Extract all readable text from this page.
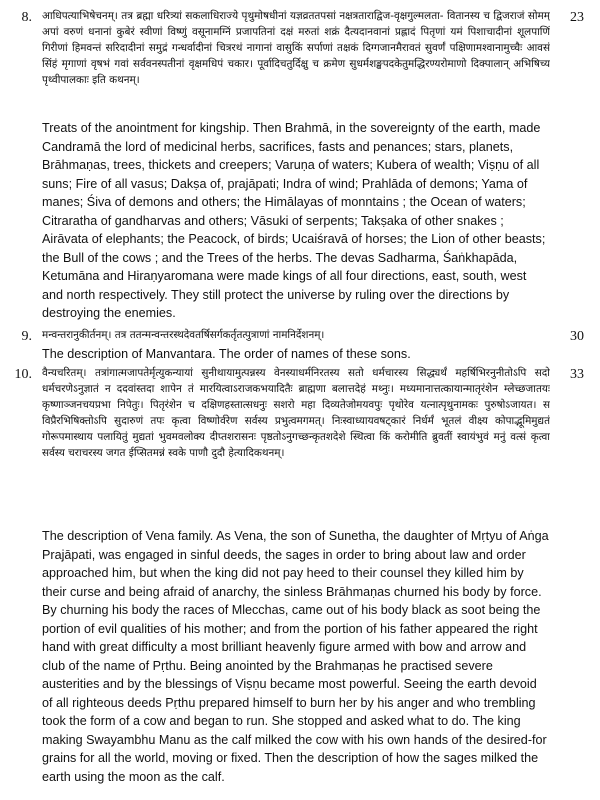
8.	23

आधिपत्याभिषेचनम्‌। तत्र ब्रह्मा धरित्र्यां सकलाधिराज्ये पृथुमोषधीनां यज्ञव्रततपसां नक्षत्रताराद्विज-वृक्षगुल्मलता- वितानस्य च द्विजराजं सोमम्‌ अपां वरुणं धनानां कुबेरं स्वीणां विष्णुं वसूनामग्निं प्रजापतिनां दक्षं मरुतां शक्रं दैत्यदानवानां प्रह्लादं पितृणां यमं पिशाचादीनां शूलपाणिं गिरीणां हिमवन्तं सरिदादीनां समुद्रं गन्धर्वादीनां चित्ररथं नागानां वासुकिं सर्पाणां तक्षकं दिग्गजानमैरावतं सुवर्णं पक्षिणामश्वानामुच्चैः आवसं सिंहं मृगाणां वृषभं गवां सर्ववनस्पतीनां वृक्षमधिपं चकार। पूर्वादिचतुर्दिक्षु च क्रमेण सुधर्मशङ्खपदकेतुमद्धिरण्यरोमाणो दिक्पालान्‌ अभिषिच्य पृथ्वीपालकाः इति कथनम्‌।

Treats of the anointment for kingship. Then Brahmā, in the sovereignty of the earth, made Candramā the lord of medicinal herbs, sacrifices, fasts and penances; stars, planets, Brāhmaṇas, trees, thickets and creepers; Varuṇa of waters; Kubera of wealth; Viṣṇu of all suns; Fire of all vasus; Dakṣa of, prajāpati; Indra of wind; Prahlāda of demons; Yama of manes; Śiva of demons and others; the Himālayas of monntains ; the Ocean of waters; Citraratha of gandharvas and others; Vāsuki of serpents; Takṣaka of other snakes ; Airāvata of elephants; the Peacock, of birds; Ucaiśravā of horses; the Lion of other beasts; the Bull of the cows ; and the Trees of the herbs. The devas Sadharma, Śaṅkhapāda, Ketumāna and Hiraṇyaromana were made kings of all four directions, east, south, west and north respectively. They still protect the universe by ruling over the directions by destroying the enemies.

9.	30

मन्वन्तरानुकीर्तनम्‌। तत्र ततन्मन्वन्तरस्थदेवतर्षिसर्गकर्तृतत्पुत्राणां नामनिर्देशनम्‌।

The description of Manvantara. The order of names of these sons.

10.	33

वैन्यचरितम्‌। तत्रांगात्मजापतेर्मृत्युकन्यायां सुनीथायामुत्पन्नस्य वेनस्याधर्मनिरतस्य सतो धर्मचारस्य सिद्ध्यर्थं महर्षिभिरनुनीतोऽपि सदो धर्मचरणेऽनुज्ञातं न ददवांस्तदा शापेन तं मारयित्वाऽराजकभयादितैः ब्राह्मणा बलात्तदेहं मथ्नुः। मध्यमानात्तत्कायान्मातृरंशेन म्लेच्छजातयः कृष्णाञ्जनचयप्रभा निपेतुः। पितृरंशेन च दक्षिणहस्तात्सधनुः सशरो महा दिव्यतेजोमयवपुः पृथोरेव यत्नात्पृथुनामकः पुरुषोऽजायत। स विप्रैरभिषिक्तोऽपि सुदारुणं तपः कृत्वा विष्णोर्वरेण सर्वस्य प्रभुत्वमगमत्‌। निःस्वाध्यायवषट्कारं निर्धर्मं भूतलं वीक्ष्य कोपाद्भूमिमुद्यतं गोरूपमास्थाय पलायितुं मुद्यतां भुवमवलोक्य दीप्तशरासनः पृष्ठतोऽनुगच्छन्कृतशदेशे स्थित्वा किं करोमीति ब्रुवतीं स्वायंभुवं मनुं वत्सं कृत्वा सर्वस्य चराचरस्य जगत ईप्सितमन्नं स्वके पाणौ दुदौ हेत्यादिकथनम्‌।

The description of Vena family. As Vena, the son of Sunetha, the daughter of Mṛtyu of Aṅga Prajāpati, was engaged in sinful deeds, the sages in order to bring about law and order approached him, but when the king did not pay heed to their counsel they killed him by their curse and being afraid of anarchy, the sinless Brāhmaṇas churned his body by force. By churning his body the races of Mlecchas, came out of his body black as soot being the portion of evil qualities of his mother; and from the portion of his father appeared the right hand with great difficulty a most brilliant heavenly figure armed with bow and arrow and club of the name of Pṛthu. Being anointed by the Brahmaṇas he practised severe austerities and by the blessings of Viṣṇu became most powerful. Seeing the earth devoid of all righteous deeds Pṛthu prepared himself to burn her by his anger and who trembling took the form of a cow and began to run. She stopped and asked what to do. The king making Swayambhu Manu as the calf milked the cow with his own hands of the desired-for grains for all the world, moving or fixed. Then the description of how the sages milked the earth using the moon as the calf.
